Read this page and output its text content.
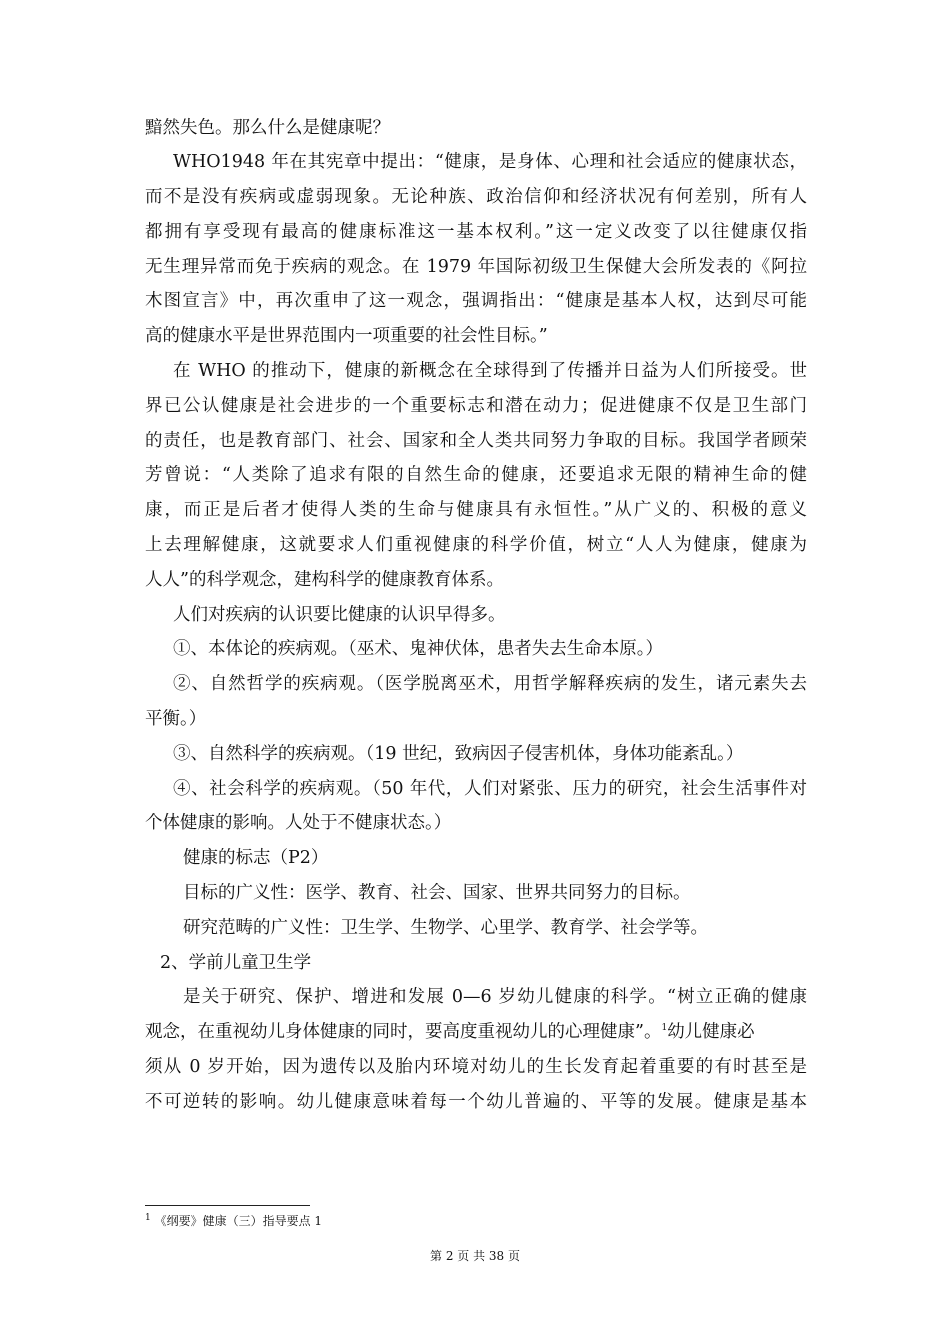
黯然失色。那么什么是健康呢？
WHO1948 年在其宪章中提出：“健康，是身体、心理和社会适应的健康状态，
而不是没有疾病或虚弱现象。无论种族、政治信仰和经济状况有何差别，所有人
都拥有享受现有最高的健康标准这一基本权利。”这一定义改变了以往健康仅指
无生理异常而免于疾病的观念。在 1979 年国际初级卫生保健大会所发表的《阿拉
木图宣言》中，再次重申了这一观念，强调指出：“健康是基本人权，达到尽可能
高的健康水平是世界范围内一项重要的社会性目标。”
在 WHO 的推动下，健康的新概念在全球得到了传播并日益为人们所接受。世
界已公认健康是社会进步的一个重要标志和潜在动力；促进健康不仅是卫生部门
的责任，也是教育部门、社会、国家和全人类共同努力争取的目标。我国学者顾荣
芳曾说：“人类除了追求有限的自然生命的健康，还要追求无限的精神生命的健
康，而正是后者才使得人类的生命与健康具有永恒性。”从广义的、积极的意义
上去理解健康，这就要求人们重视健康的科学价值，树立“人人为健康，健康为
人人”的科学观念，建构科学的健康教育体系。
人们对疾病的认识要比健康的认识早得多。
①、本体论的疾病观。（巫术、鬼神伏体，患者失去生命本原。）
②、自然哲学的疾病观。（医学脱离巫术，用哲学解释疾病的发生，诸元素失去
平衡。）
③、自然科学的疾病观。（19 世纪，致病因子侵害机体，身体功能紊乱。）
④、社会科学的疾病观。（50 年代，人们对紧张、压力的研究，社会生活事件对
个体健康的影响。人处于不健康状态。）
健康的标志（P2）
目标的广义性：医学、教育、社会、国家、世界共同努力的目标。
研究范畴的广义性：卫生学、生物学、心里学、教育学、社会学等。
2、学前儿童卫生学
是关于研究、保护、增进和发展 0—6 岁幼儿健康的科学。“树立正确的健康
观念，在重视幼儿身体健康的同时，要高度重视幼儿的心理健康”。$^1$幼儿健康必
须从 0 岁开始，因为遗传以及胎内环境对幼儿的生长发育起着重要的有时甚至是
不可逆转的影响。幼儿健康意味着每一个幼儿普遍的、平等的发展。健康是基本
$^1$ 《纲要》健康（三）指导要点 1
第 2 页 共 38 页
